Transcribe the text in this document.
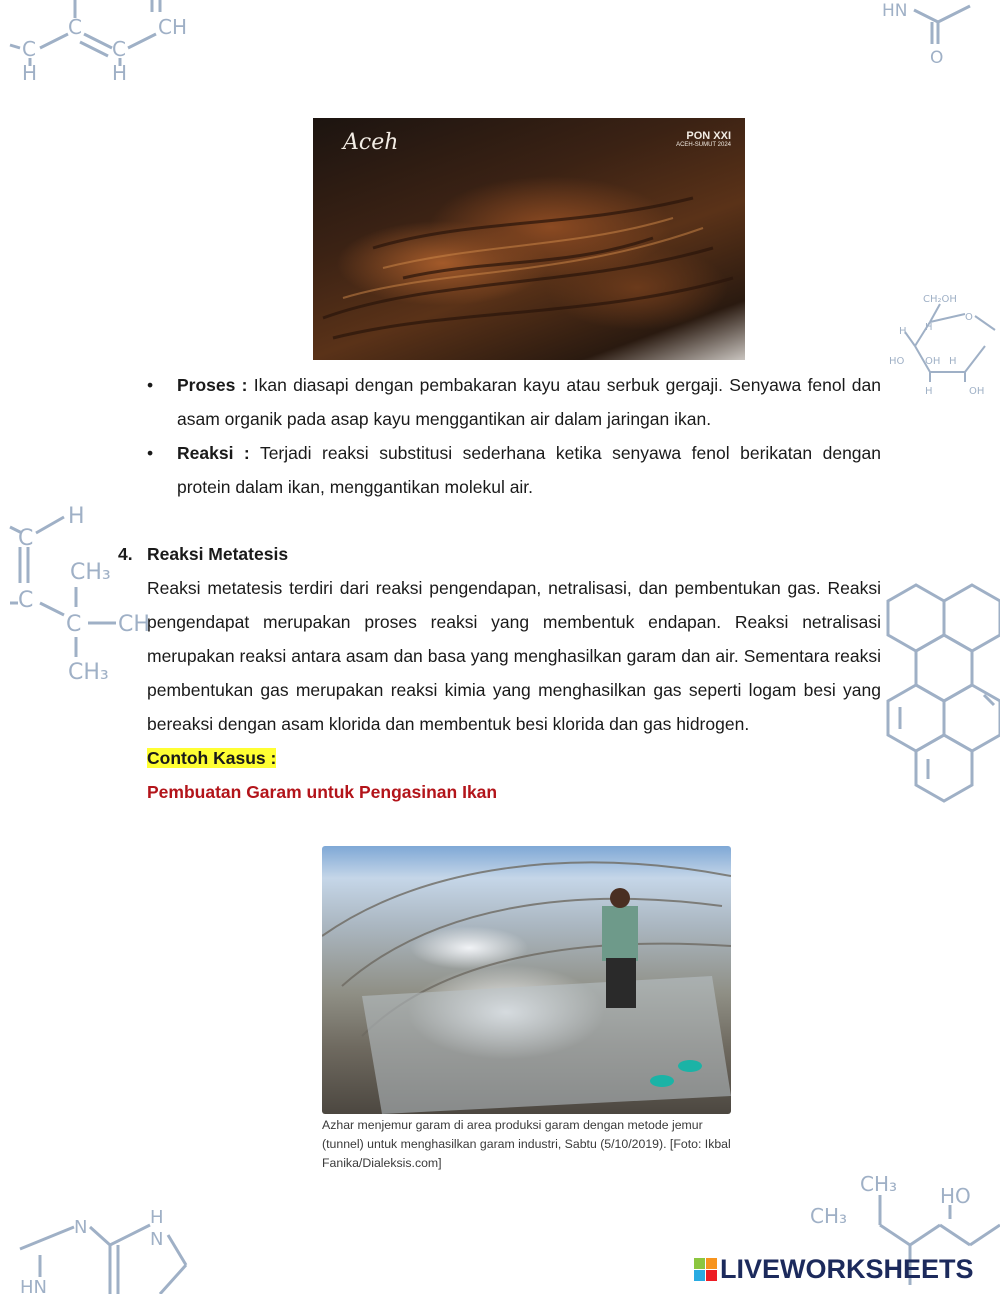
C	CH
C	C
H	H
HN
O
CH₂OH
H
O
H
HO OH H
H	OH
H
C
CH₃
C
C CH
CH₃
CH₃
CH₃
HO
N	H
N
HN
Aceh	PON XXI
ACEH-SUMUT 2024
• Proses : Ikan diasapi dengan pembakaran kayu atau serbuk gergaji. Senyawa fenol dan asam organik pada asap kayu menggantikan air dalam jaringan ikan.
• Reaksi : Terjadi reaksi substitusi sederhana ketika senyawa fenol berikatan dengan protein dalam ikan, menggantikan molekul air.
4. Reaksi Metatesis
Reaksi metatesis terdiri dari reaksi pengendapan, netralisasi, dan pembentukan gas. Reaksi pengendapat merupakan proses reaksi yang membentuk endapan. Reaksi netralisasi merupakan reaksi antara asam dan basa yang menghasilkan garam dan air. Sementara reaksi pembentukan gas merupakan reaksi kimia yang menghasilkan gas seperti logam besi yang bereaksi dengan asam klorida dan membentuk besi klorida dan gas hidrogen.
Contoh Kasus :
Pembuatan Garam untuk Pengasinan Ikan
Azhar menjemur garam di area produksi garam dengan metode jemur (tunnel) untuk menghasilkan garam industri, Sabtu (5/10/2019). [Foto: Ikbal Fanika/Dialeksis.com]
LIVEWORKSHEETS
